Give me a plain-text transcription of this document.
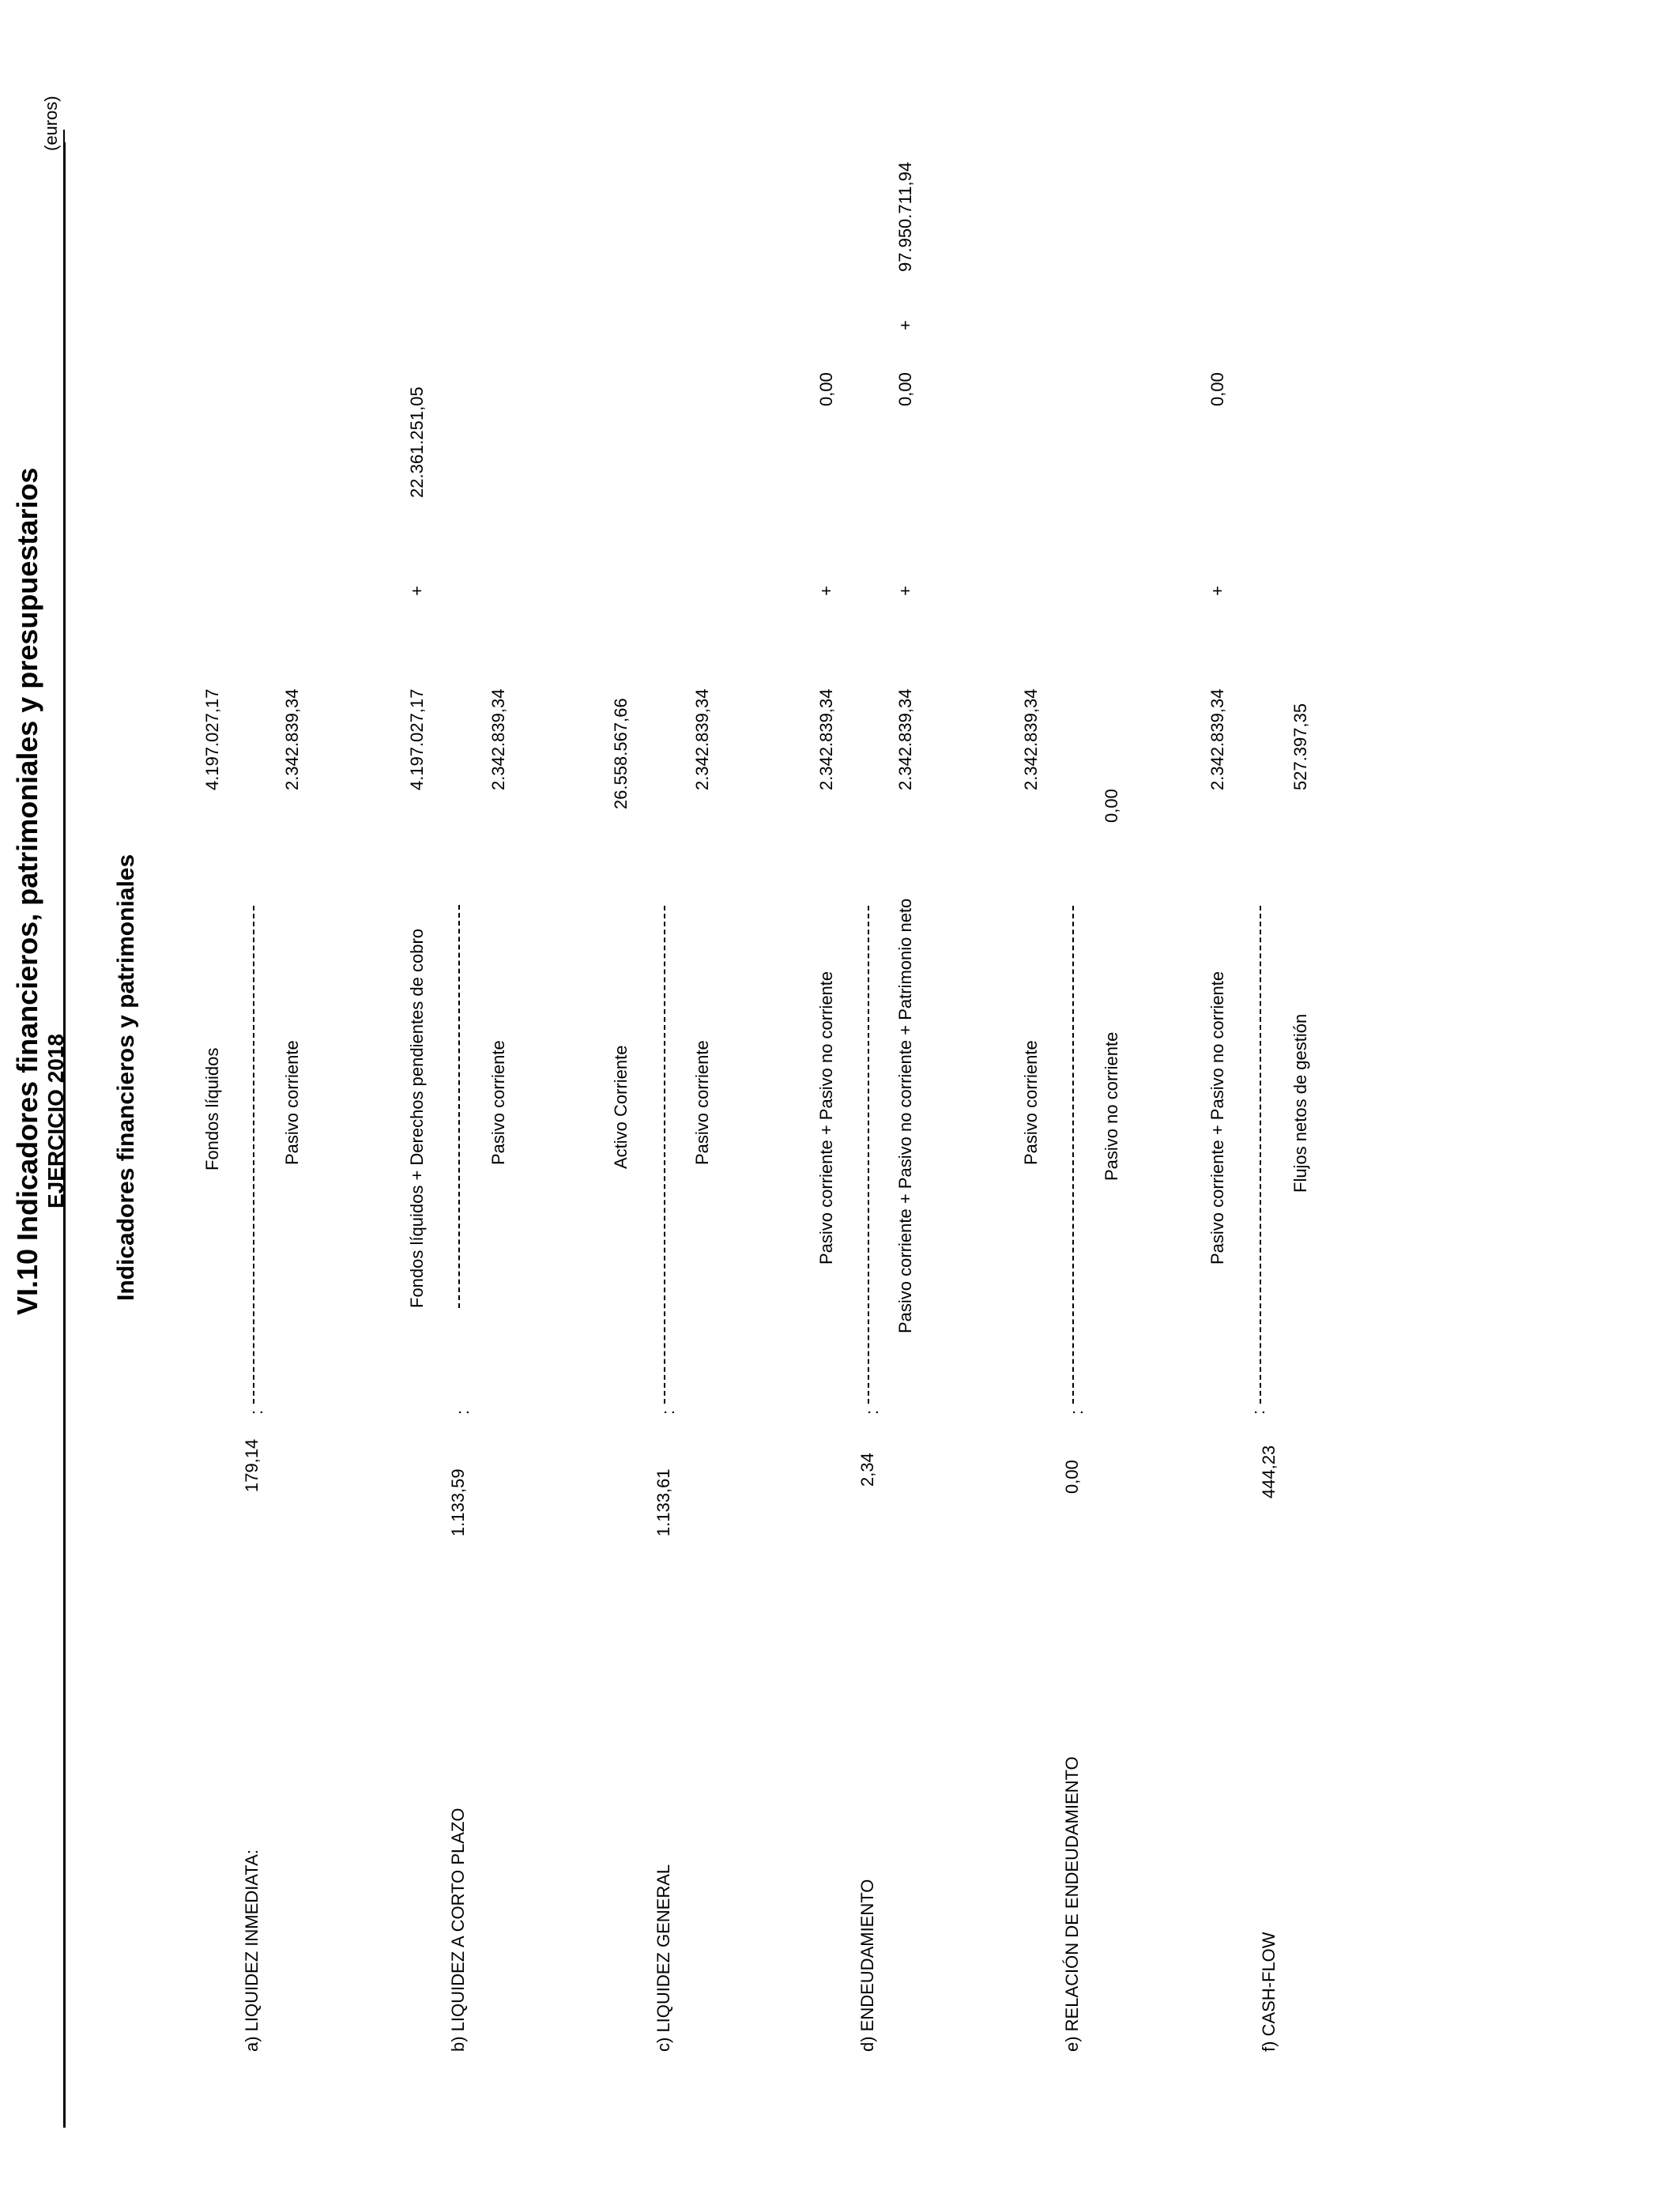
VI.10 Indicadores financieros, patrimoniales y presupuestarios EJERCICIO 2018
(euros)
Indicadores financieros y patrimoniales
a) LIQUIDEZ INMEDIATA:
179,14
:
Fondos líquidos
4.197.027,17
Pasivo corriente
2.342.839,34
b) LIQUIDEZ A CORTO PLAZO
1.133,59
:
Fondos líquidos + Derechos pendientes de cobro
4.197.027,17
+
22.361.251,05
Pasivo corriente
2.342.839,34
c) LIQUIDEZ GENERAL
1.133,61
:
Activo Corriente
26.558.567,66
Pasivo corriente
2.342.839,34
d) ENDEUDAMIENTO
2,34
:
Pasivo corriente + Pasivo no corriente
2.342.839,34
+
0,00
Pasivo corriente + Pasivo no corriente + Patrimonio neto
2.342.839,34
+
0,00
+
97.950.711,94
e) RELACIÓN DE ENDEUDAMIENTO
0,00
:
Pasivo corriente
2.342.839,34
Pasivo no corriente
0,00
f) CASH-FLOW
444,23
:
Pasivo corriente + Pasivo no corriente
2.342.839,34
+
0,00
Flujos netos de gestión
527.397,35
